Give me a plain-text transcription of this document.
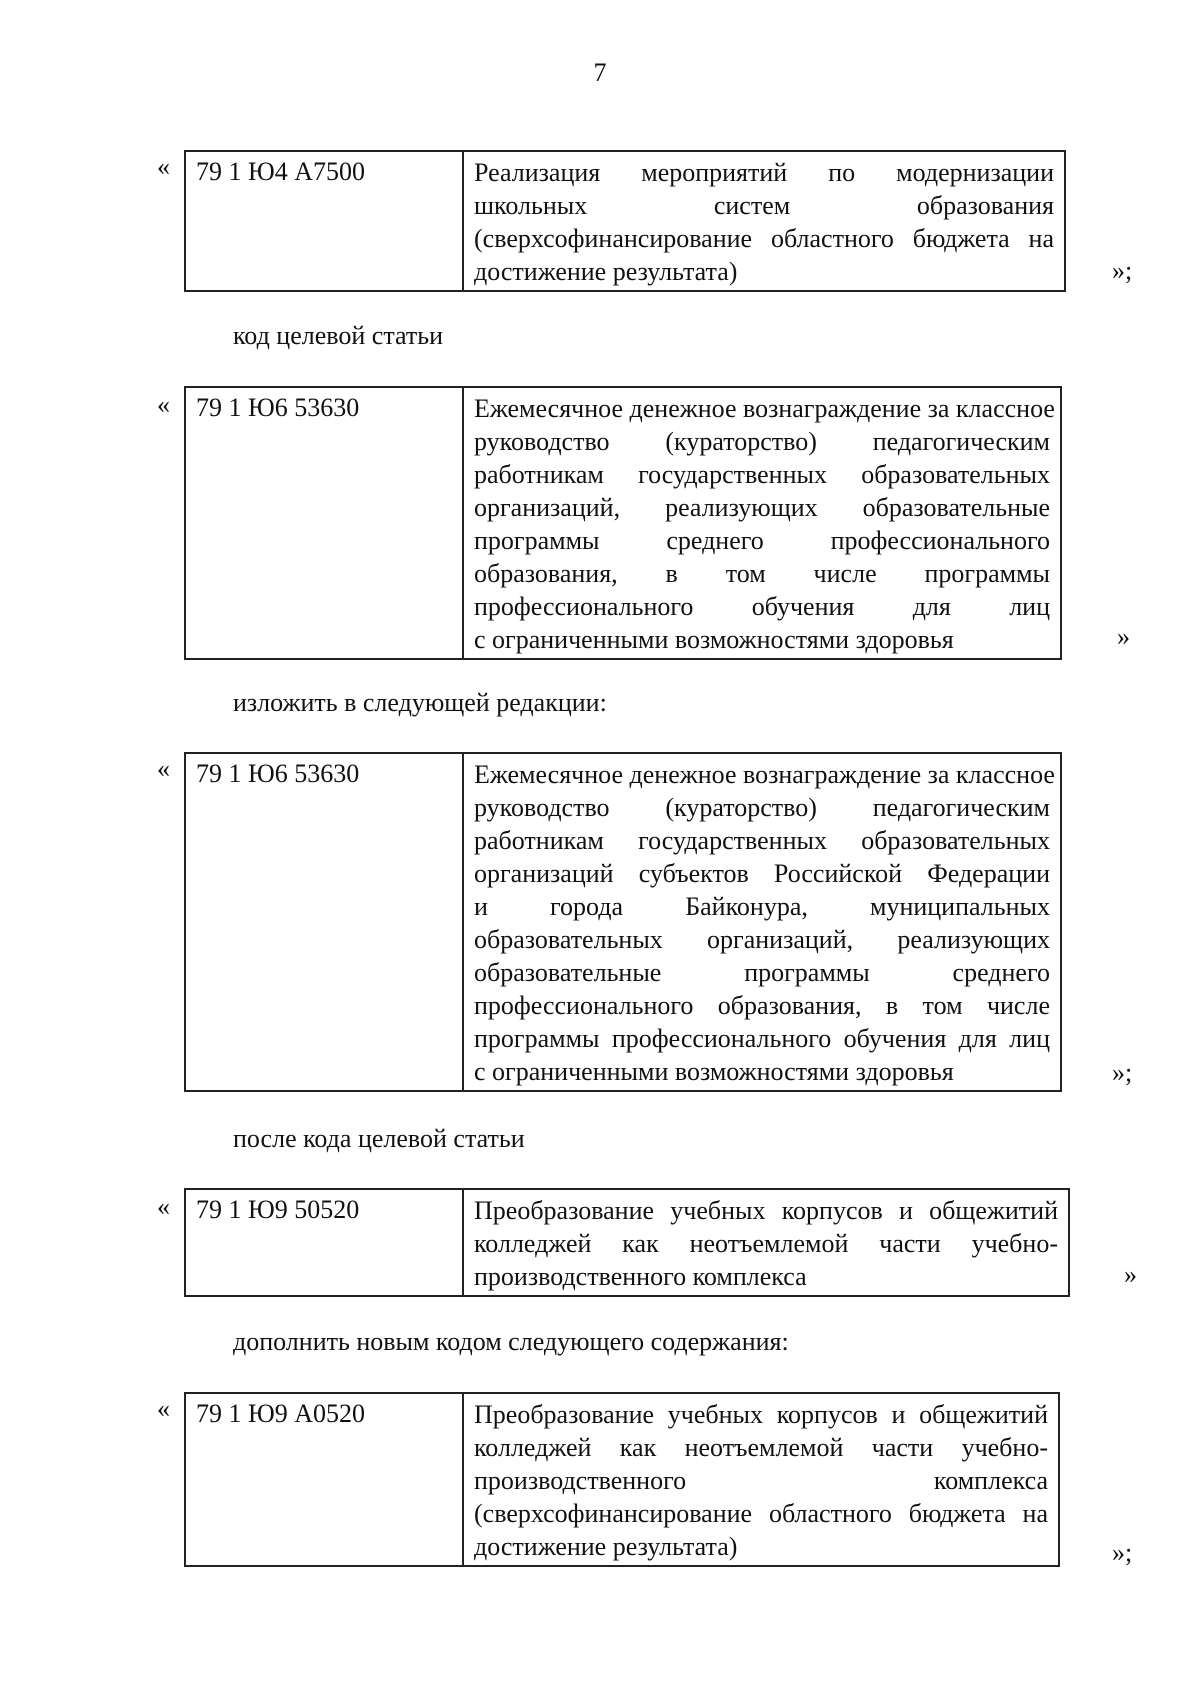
7
« 79 1 Ю4 А7500	Реализация мероприятий по модернизации
школьных систем образования
(сверхсофинансирование областного бюджета на
достижение результата)	»;
код целевой статьи
« 79 1 Ю6 53630	Ежемесячное денежное вознаграждение за классное
руководство (кураторство) педагогическим
работникам государственных образовательных
организаций, реализующих образовательные
программы среднего профессионального
образования, в том числе программы
профессионального обучения для лиц
с ограниченными возможностями здоровья	»
изложить в следующей редакции:
« 79 1 Ю6 53630	Ежемесячное денежное вознаграждение за классное
руководство (кураторство) педагогическим
работникам государственных образовательных
организаций субъектов Российской Федерации
и города Байконура, муниципальных
образовательных организаций, реализующих
образовательные программы среднего
профессионального образования, в том числе
программы профессионального обучения для лиц
с ограниченными возможностями здоровья	»;
после кода целевой статьи
« 79 1 Ю9 50520	Преобразование учебных корпусов и общежитий
колледжей как неотъемлемой части учебно-
производственного комплекса	»
дополнить новым кодом следующего содержания:
« 79 1 Ю9 А0520	Преобразование учебных корпусов и общежитий
колледжей как неотъемлемой части учебно-
производственного комплекса
(сверхсофинансирование областного бюджета на
достижение результата)	»;
